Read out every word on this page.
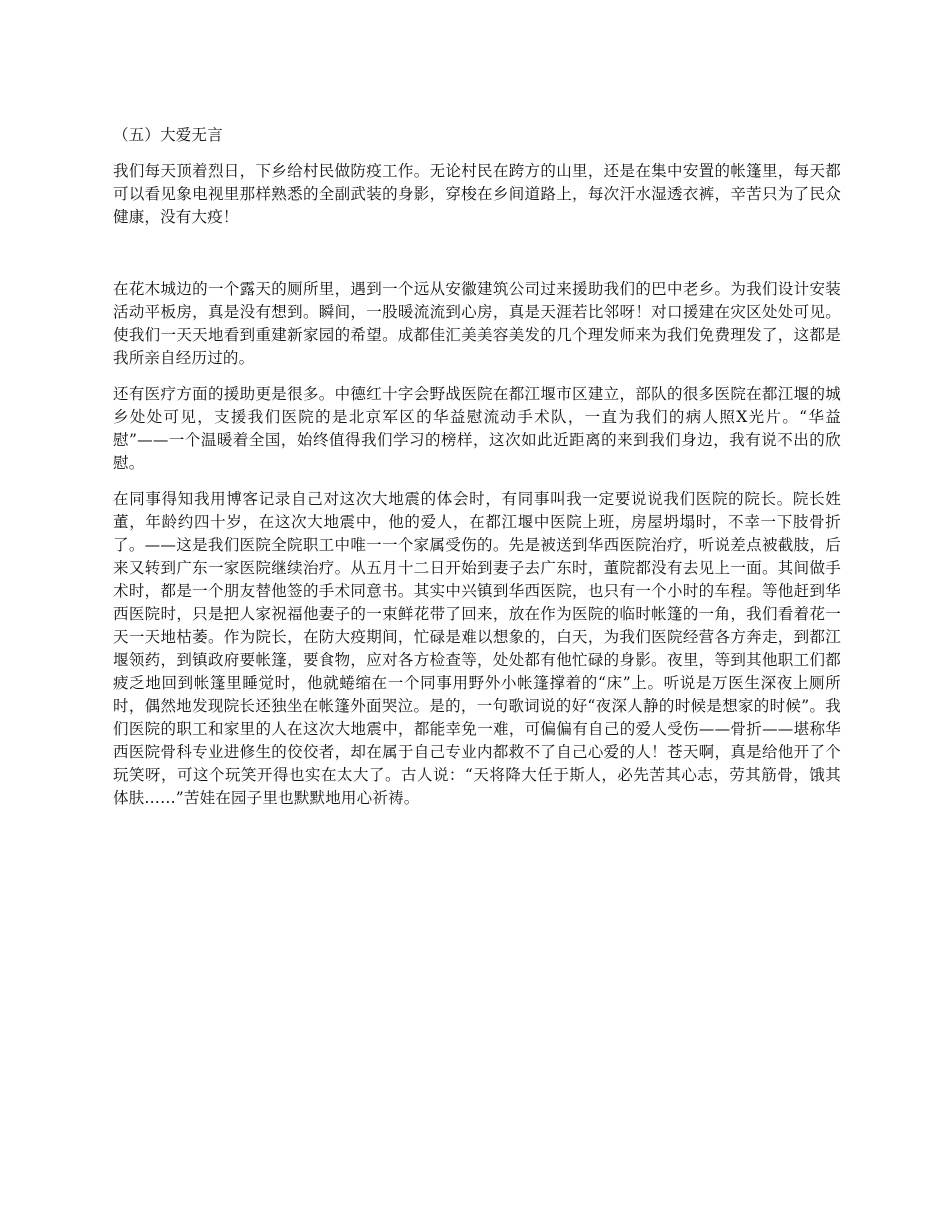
（五）大爱无言

我们每天顶着烈日，下乡给村民做防疫工作。无论村民在跨方的山里，还是在集中安置的帐篷里，每天都可以看见象电视里那样熟悉的全副武装的身影，穿梭在乡间道路上，每次汗水湿透衣裤，辛苦只为了民众健康，没有大疫！

在花木城边的一个露天的厕所里，遇到一个远从安徽建筑公司过来援助我们的巴中老乡。为我们设计安装活动平板房，真是没有想到。瞬间，一股暖流流到心房，真是天涯若比邻呀！对口援建在灾区处处可见。使我们一天天地看到重建新家园的希望。成都佳汇美美容美发的几个理发师来为我们免费理发了，这都是我所亲自经历过的。

还有医疗方面的援助更是很多。中德红十字会野战医院在都江堰市区建立，部队的很多医院在都江堰的城乡处处可见，支援我们医院的是北京军区的华益慰流动手术队，一直为我们的病人照X光片。“华益慰”——一个温暖着全国，始终值得我们学习的榜样，这次如此近距离的来到我们身边，我有说不出的欣慰。

在同事得知我用博客记录自己对这次大地震的体会时，有同事叫我一定要说说我们医院的院长。院长姓董，年龄约四十岁，在这次大地震中，他的爱人，在都江堰中医院上班，房屋坍塌时，不幸一下肢骨折了。——这是我们医院全院职工中唯一一个家属受伤的。先是被送到华西医院治疗，听说差点被截肢，后来又转到广东一家医院继续治疗。从五月十二日开始到妻子去广东时，董院都没有去见上一面。其间做手术时，都是一个朋友替他签的手术同意书。其实中兴镇到华西医院，也只有一个小时的车程。等他赶到华西医院时，只是把人家祝福他妻子的一束鲜花带了回来，放在作为医院的临时帐篷的一角，我们看着花一天一天地枯萎。作为院长，在防大疫期间，忙碌是难以想象的，白天，为我们医院经营各方奔走，到都江堰领药，到镇政府要帐篷，要食物，应对各方检查等，处处都有他忙碌的身影。夜里，等到其他职工们都疲乏地回到帐篷里睡觉时，他就蜷缩在一个同事用野外小帐篷撑着的“床”上。听说是万医生深夜上厕所时，偶然地发现院长还独坐在帐篷外面哭泣。是的，一句歌词说的好“夜深人静的时候是想家的时候”。我们医院的职工和家里的人在这次大地震中，都能幸免一难，可偏偏有自己的爱人受伤——骨折——堪称华西医院骨科专业进修生的佼佼者，却在属于自己专业内都救不了自己心爱的人！苍天啊，真是给他开了个玩笑呀，可这个玩笑开得也实在太大了。古人说：“天将降大任于斯人，必先苦其心志，劳其筋骨，饿其体肤……”苦娃在园子里也默默地用心祈祷。
